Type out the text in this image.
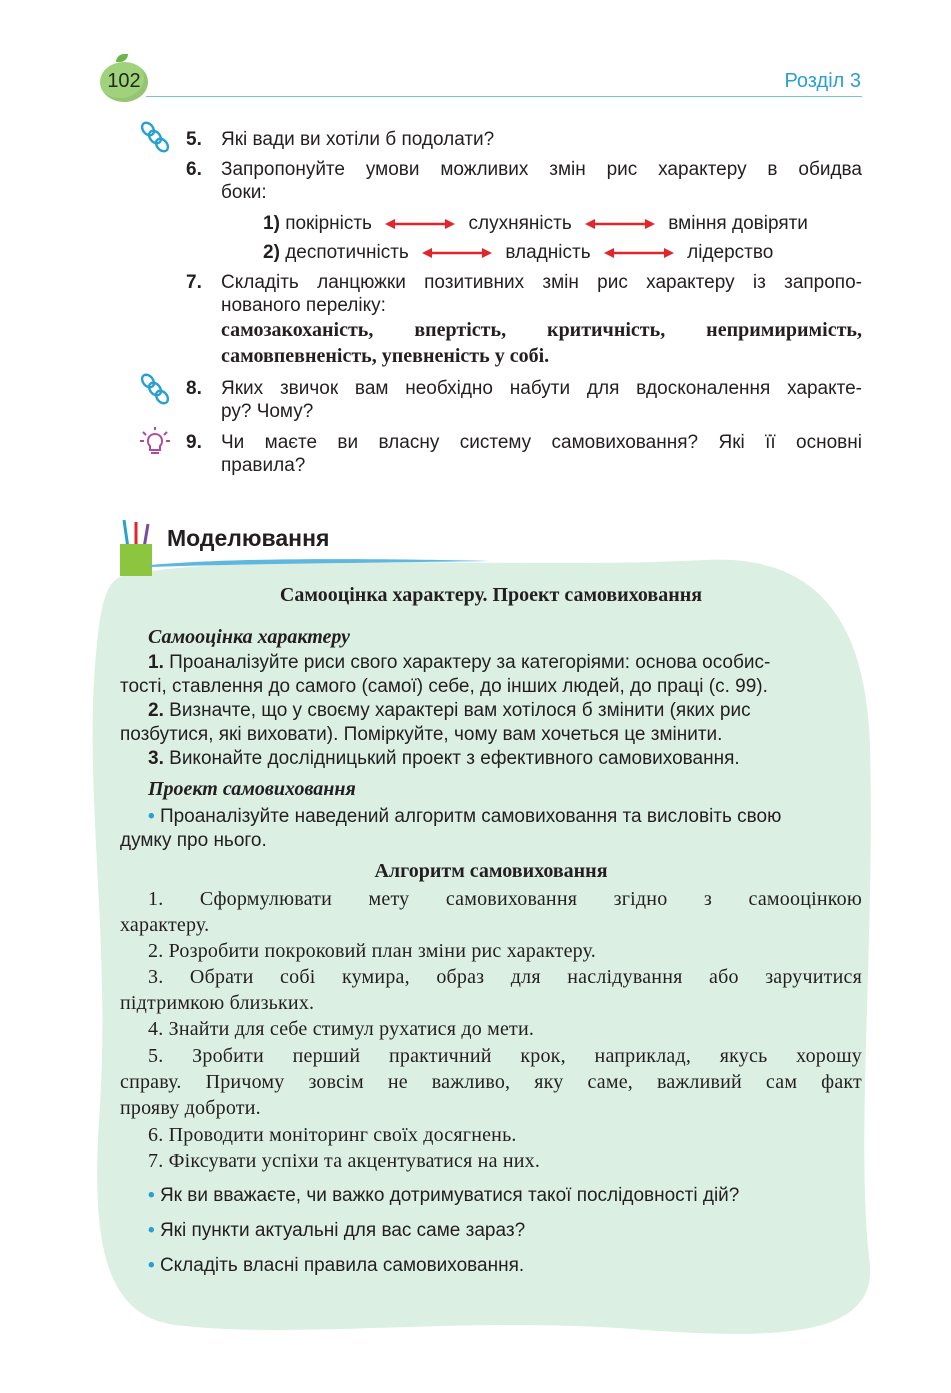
102	Розділ 3
5. Які вади ви хотіли б подолати?
6. Запропонуйте умови можливих змін рис характеру в обидва
боки:
1) покірність	слухняність	вміння довіряти
2) деспотичність	владність	лідерство
7. Складіть ланцюжки позитивних змін рис характеру із запропо-
нованого переліку:
самозакоханість, впертість, критичність, непримиримість,
самовпевненість, упевненість у собі.
8. Яких звичок вам необхідно набути для вдосконалення характе-
ру? Чому?
9. Чи маєте ви власну систему самовиховання? Які її основні
правила?
Моделювання
Самооцінка характеру. Проект самовиховання
Самооцінка характеру
1. Проаналізуйте риси свого характеру за категоріями: основа особис-
тості, ставлення до самого (самої) себе, до інших людей, до праці (с. 99).
2. Визначте, що у своєму характері вам хотілося б змінити (яких рис
позбутися, які виховати). Поміркуйте, чому вам хочеться це змінити.
3. Виконайте дослідницький проект з ефективного самовиховання.
Проект самовиховання
• Проаналізуйте наведений алгоритм самовиховання та висловіть свою
думку про нього.
Алгоритм самовиховання
1. Сформулювати мету самовиховання згідно з самооцінкою
характеру.
2. Розробити покроковий план зміни рис характеру.
3. Обрати собі кумира, образ для наслідування або заручитися
підтримкою близьких.
4. Знайти для себе стимул рухатися до мети.
5. Зробити перший практичний крок, наприклад, якусь хорошу
справу. Причому зовсім не важливо, яку саме, важливий сам факт
прояву доброти.
6. Проводити моніторинг своїх досягнень.
7. Фіксувати успіхи та акцентуватися на них.
• Як ви вважаєте, чи важко дотримуватися такої послідовності дій?
• Які пункти актуальні для вас саме зараз?
• Складіть власні правила самовиховання.
